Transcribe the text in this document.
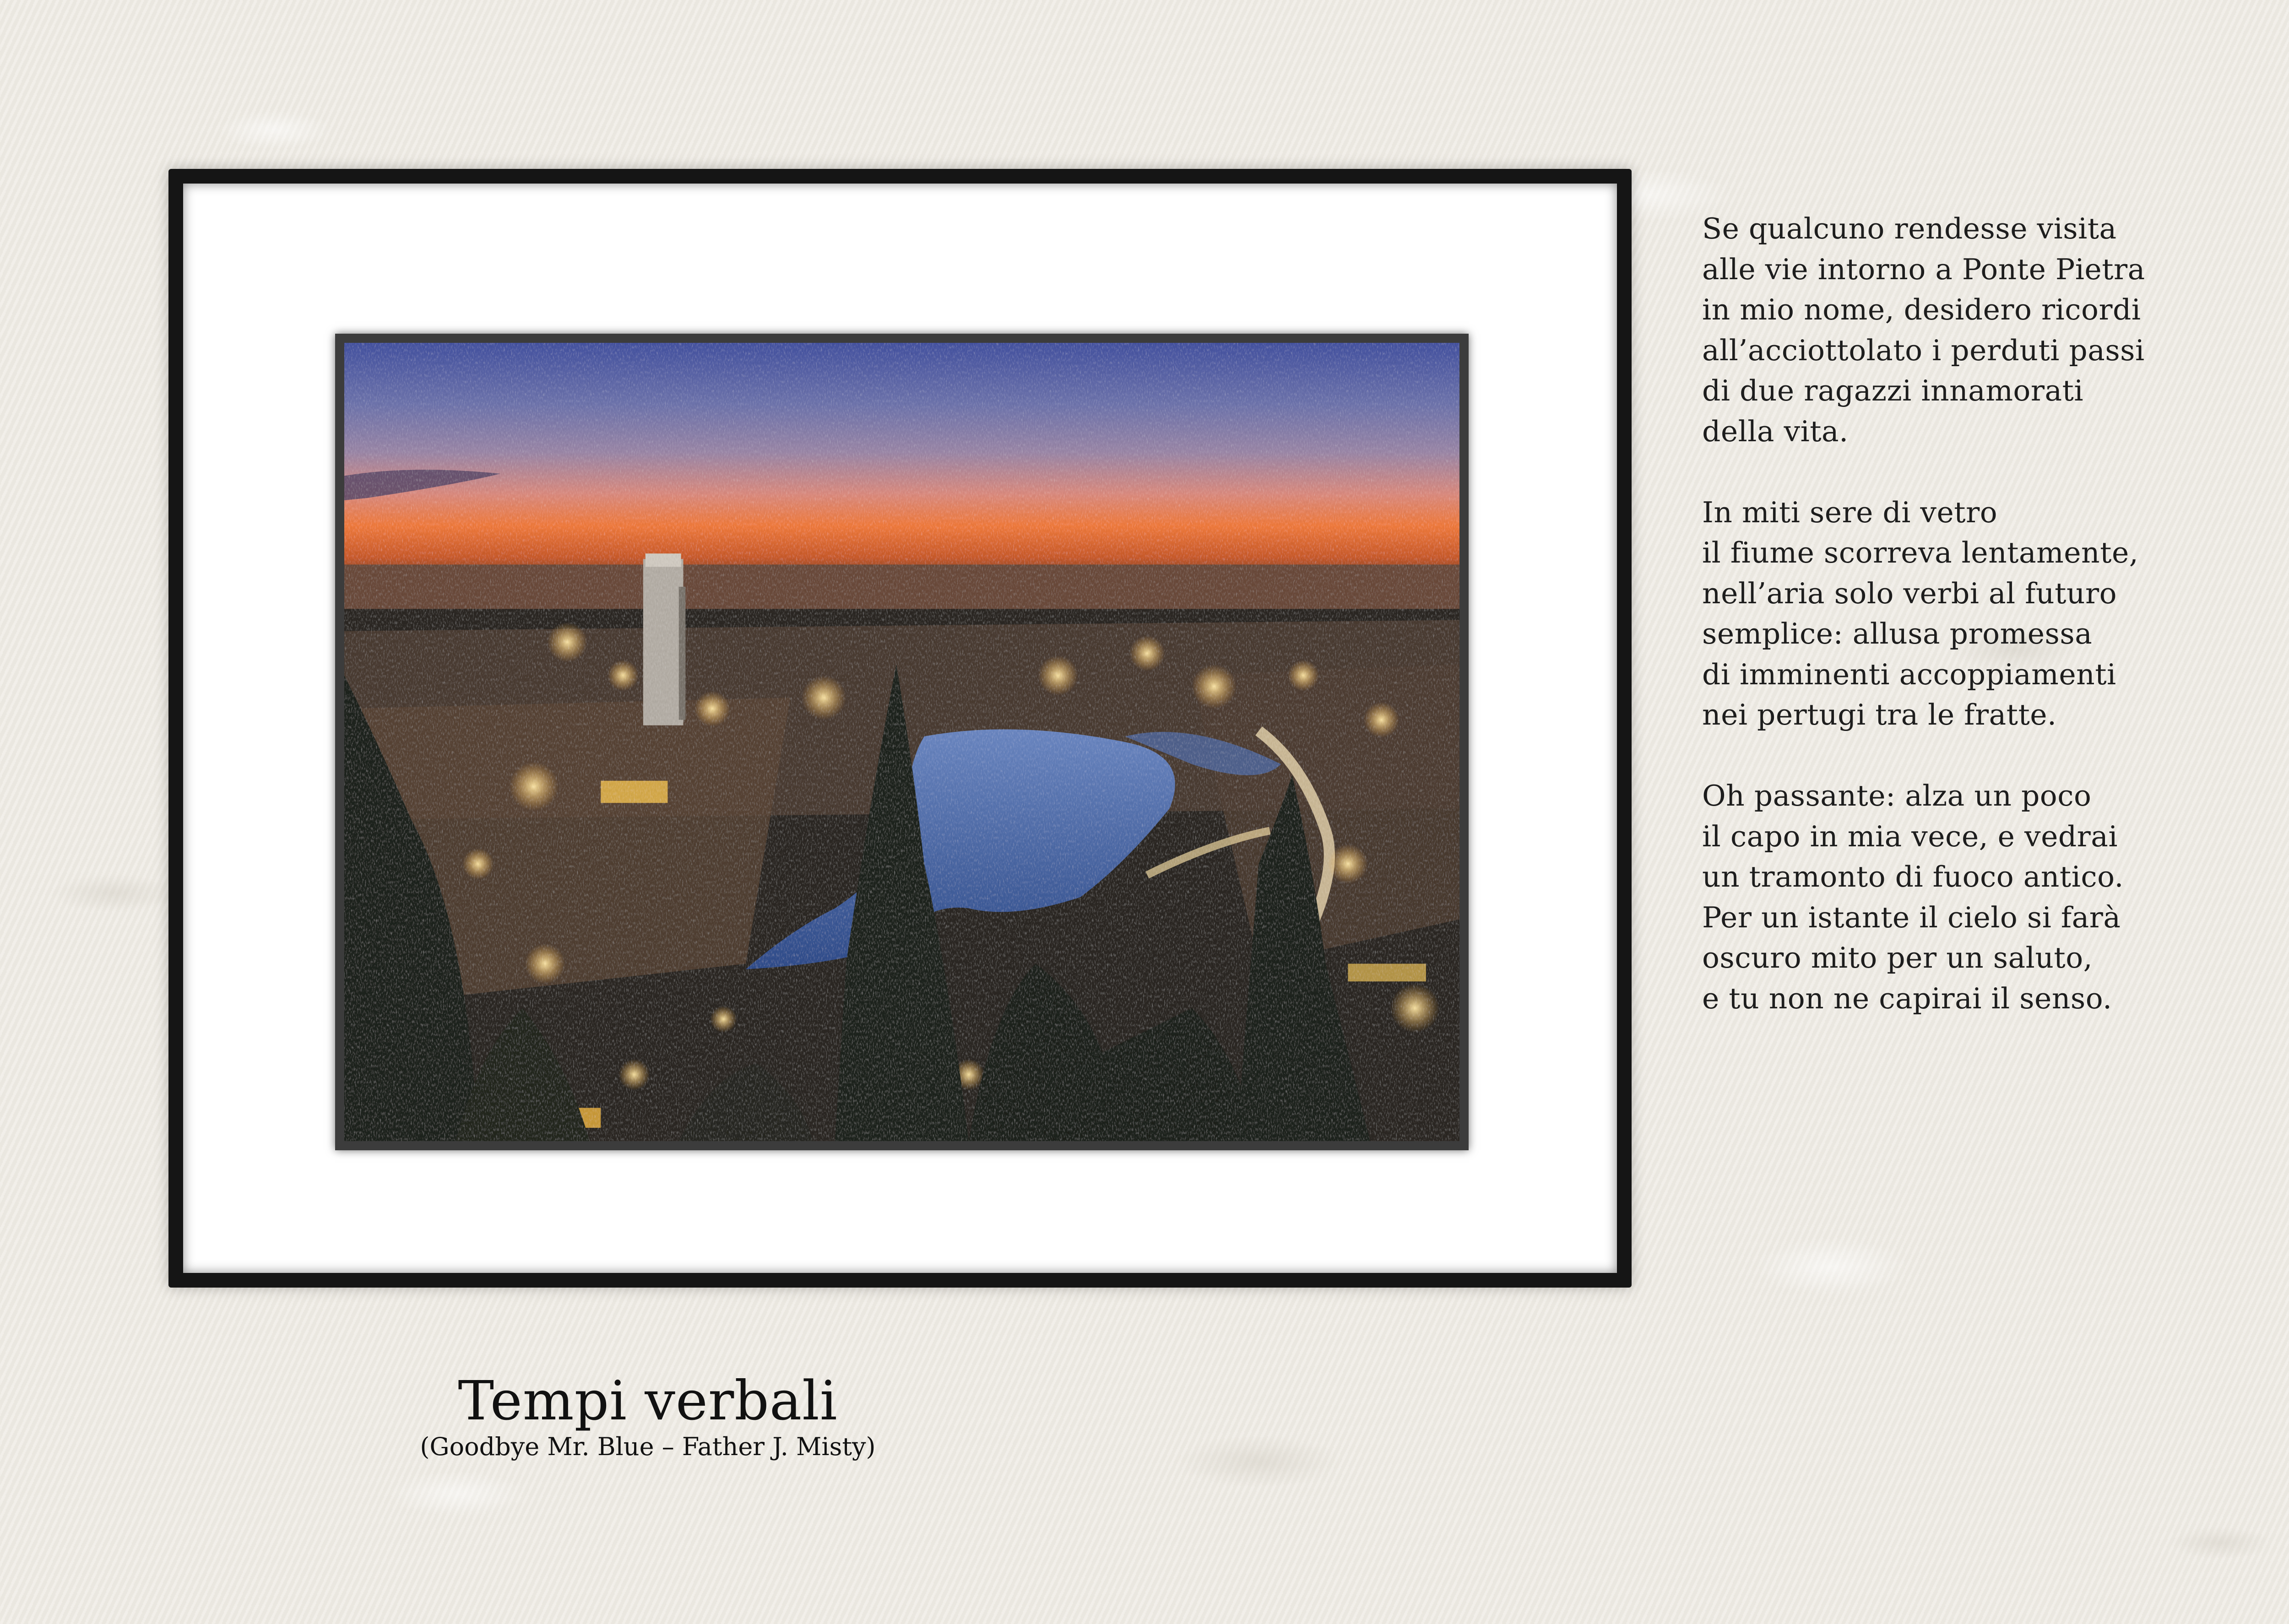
Se qualcuno rendesse visita
alle vie intorno a Ponte Pietra
in mio nome, desidero ricordi
all’acciottolato i perduti passi
di due ragazzi innamorati
della vita.
In miti sere di vetro
il fiume scorreva lentamente,
nell’aria solo verbi al futuro
semplice: allusa promessa
di imminenti accoppiamenti
nei pertugi tra le fratte.
Oh passante: alza un poco
il capo in mia vece, e vedrai
un tramonto di fuoco antico.
Per un istante il cielo si farà
oscuro mito per un saluto,
e tu non ne capirai il senso.
Tempi verbali
(Goodbye Mr. Blue – Father J. Misty)
